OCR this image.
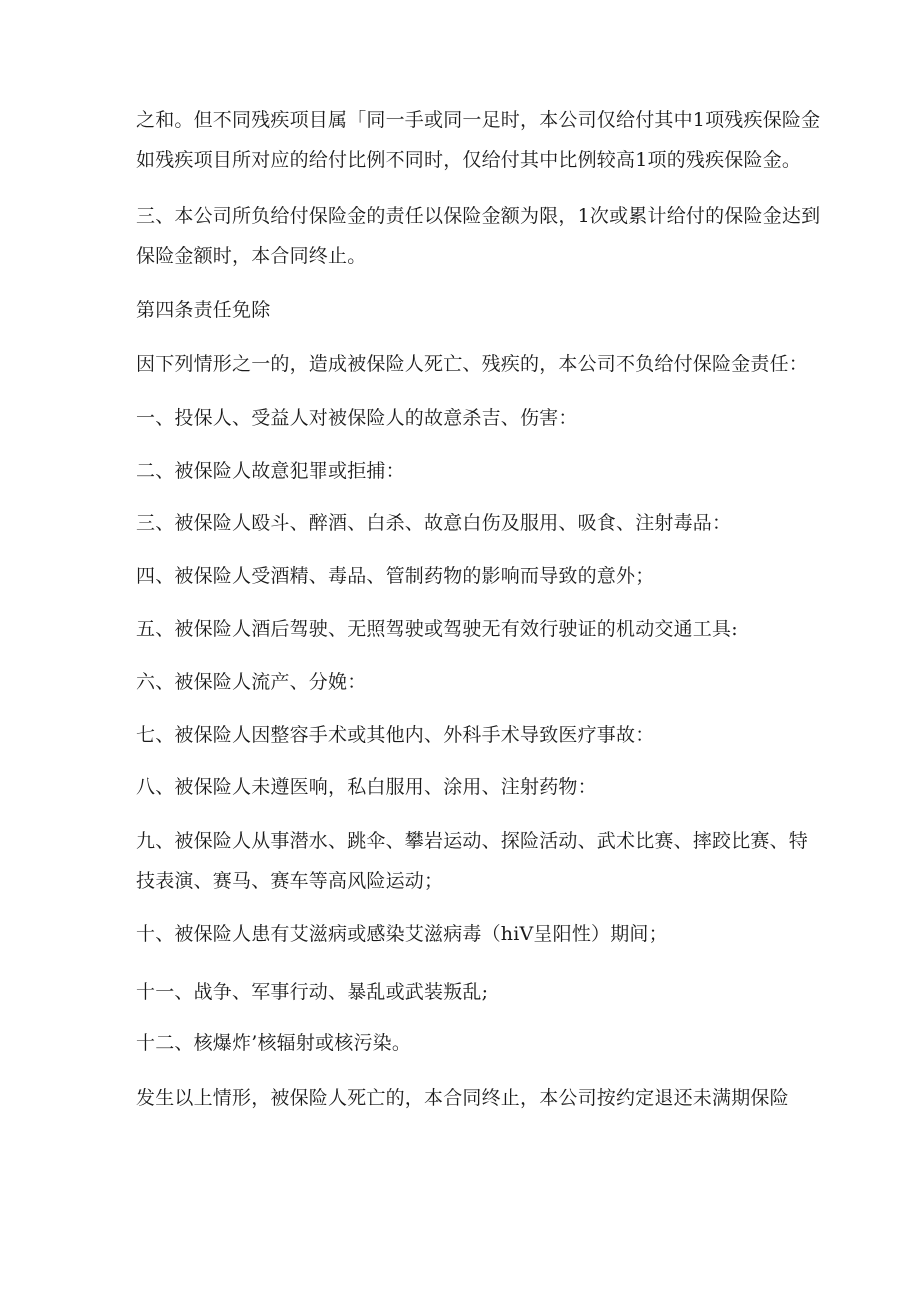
之和。但不同残疾项目属「同一手或同一足时，本公司仅给付其中1项残疾保险金
如残疾项目所对应的给付比例不同时，仅给付其中比例较高1项的残疾保险金。
三、本公司所负给付保险金的责任以保险金额为限，1次或累计给付的保险金达到
保险金额时，本合同终止。
第四条责任免除
因下列情形之一的，造成被保险人死亡、残疾的，本公司不负给付保险金责任：
一、投保人、受益人对被保险人的故意杀吉、伤害：
二、被保险人故意犯罪或拒捕：
三、被保险人殴斗、醉酒、白杀、故意白伤及服用、吸食、注射毒品：
四、被保险人受酒精、毒品、管制药物的影响而导致的意外；
五、被保险人酒后驾驶、无照驾驶或驾驶无有效行驶证的机动交通工具:
六、被保险人流产、分娩：
七、被保险人因整容手术或其他内、外科手术导致医疗事故：
八、被保险人未遵医响，私白服用、涂用、注射药物：
九、被保险人从事潜水、跳伞、攀岩运动、探险活动、武术比赛、摔跤比赛、特
技表演、赛马、赛车等高风险运动；
十、被保险人患有艾滋病或感染艾滋病毒（hiV呈阳性）期间；
十一、战争、军事行动、暴乱或武装叛乱;
十二、核爆炸’核辐射或核污染。
发生以上情形，被保险人死亡的，本合同终止，本公司按约定退还未满期保险
